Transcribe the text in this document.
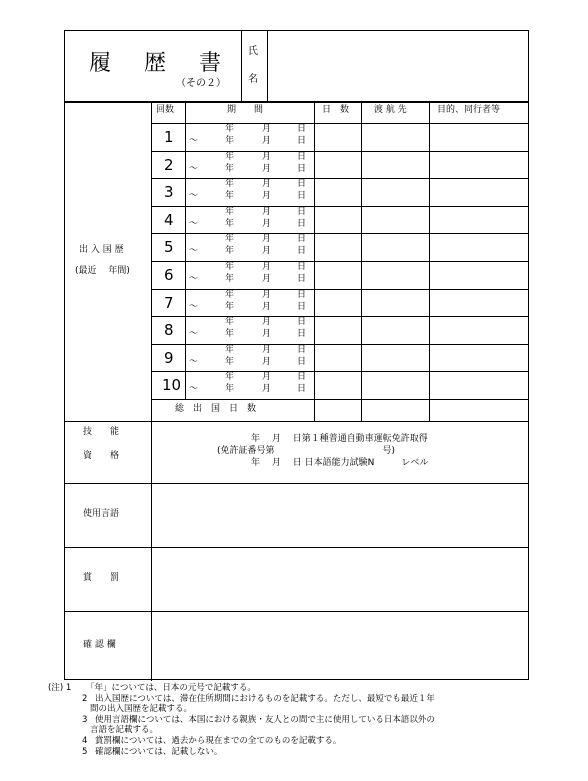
履 歴 書
（その２）
氏
名
出 入 国 歴
(最近　 年間)
回数	期　　間	日　数	渡 航 先	目的、同行者等
1 ～
年	月	日
年	月	日
2 ～
年	月	日
年	月	日
3 ～
年	月	日
年	月	日
4 ～
年	月	日
年	月	日
5 ～
年	月	日
年	月	日
6 ～
年	月	日
年	月	日
7 ～
年	月	日
年	月	日
8 ～
年	月	日
年	月	日
9 ～
年	月	日
年	月	日
10 ～
年	月	日
年	月	日
総　出　国　日　数
技　　能
資　　格
年　 月　 日第１種普通自動車運転免許取得
(免許証番号第　　　　　　　　　　　　号)
年　 月　 日 日本語能力試験N　　　レベル
使用言語
賞　　罰
確 認 欄
(注) 1 「年」については、日本の元号で記載する。
2 出入国歴については、滞在住所期間におけるものを記載する。ただし、最短でも最近１年
間の出入国歴を記載する。
3 使用言語欄については、本国における親族・友人との間で主に使用している日本語以外の
言語を記載する。
4 賞罰欄については、過去から現在までの全てのものを記載する。
5 確認欄については、記載しない。
